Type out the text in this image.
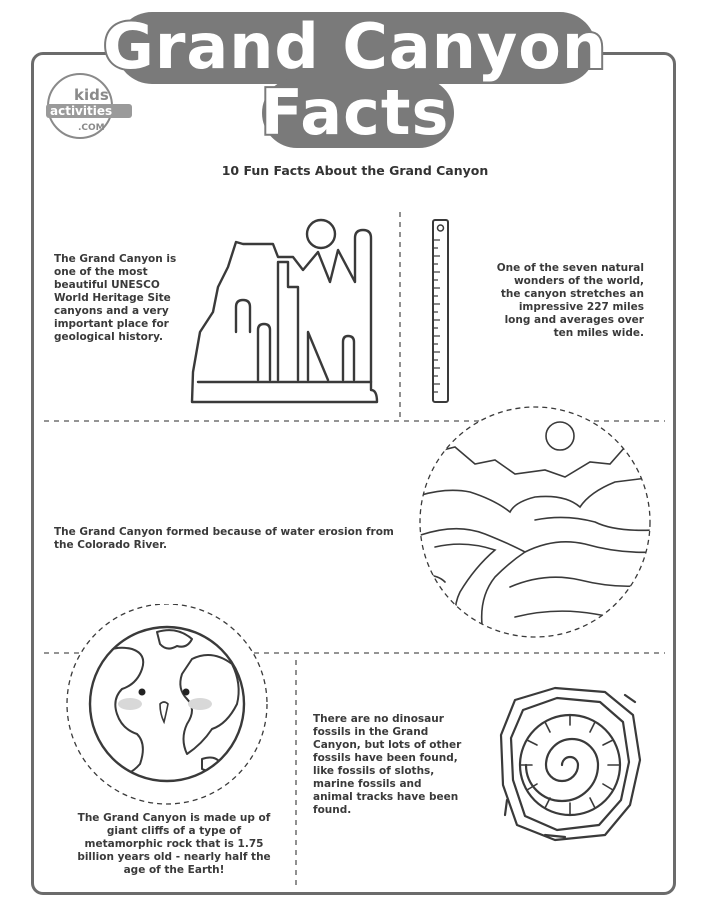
Grand Canyon
Facts
kids
activities
.COM
10 Fun Facts About the Grand Canyon
The Grand Canyon is one of the most beautiful UNESCO World Heritage Site canyons and a very important place for geological history.
One of the seven natural wonders of the world, the canyon stretches an impressive 227 miles long and averages over ten miles wide.
The Grand Canyon formed because of water erosion from the Colorado River.
The Grand Canyon is made up of giant cliffs of a type of metamorphic rock that is 1.75 billion years old - nearly half the age of the Earth!
There are no dinosaur fossils in the Grand Canyon, but lots of other fossils have been found, like fossils of sloths, marine fossils and animal tracks have been found.
